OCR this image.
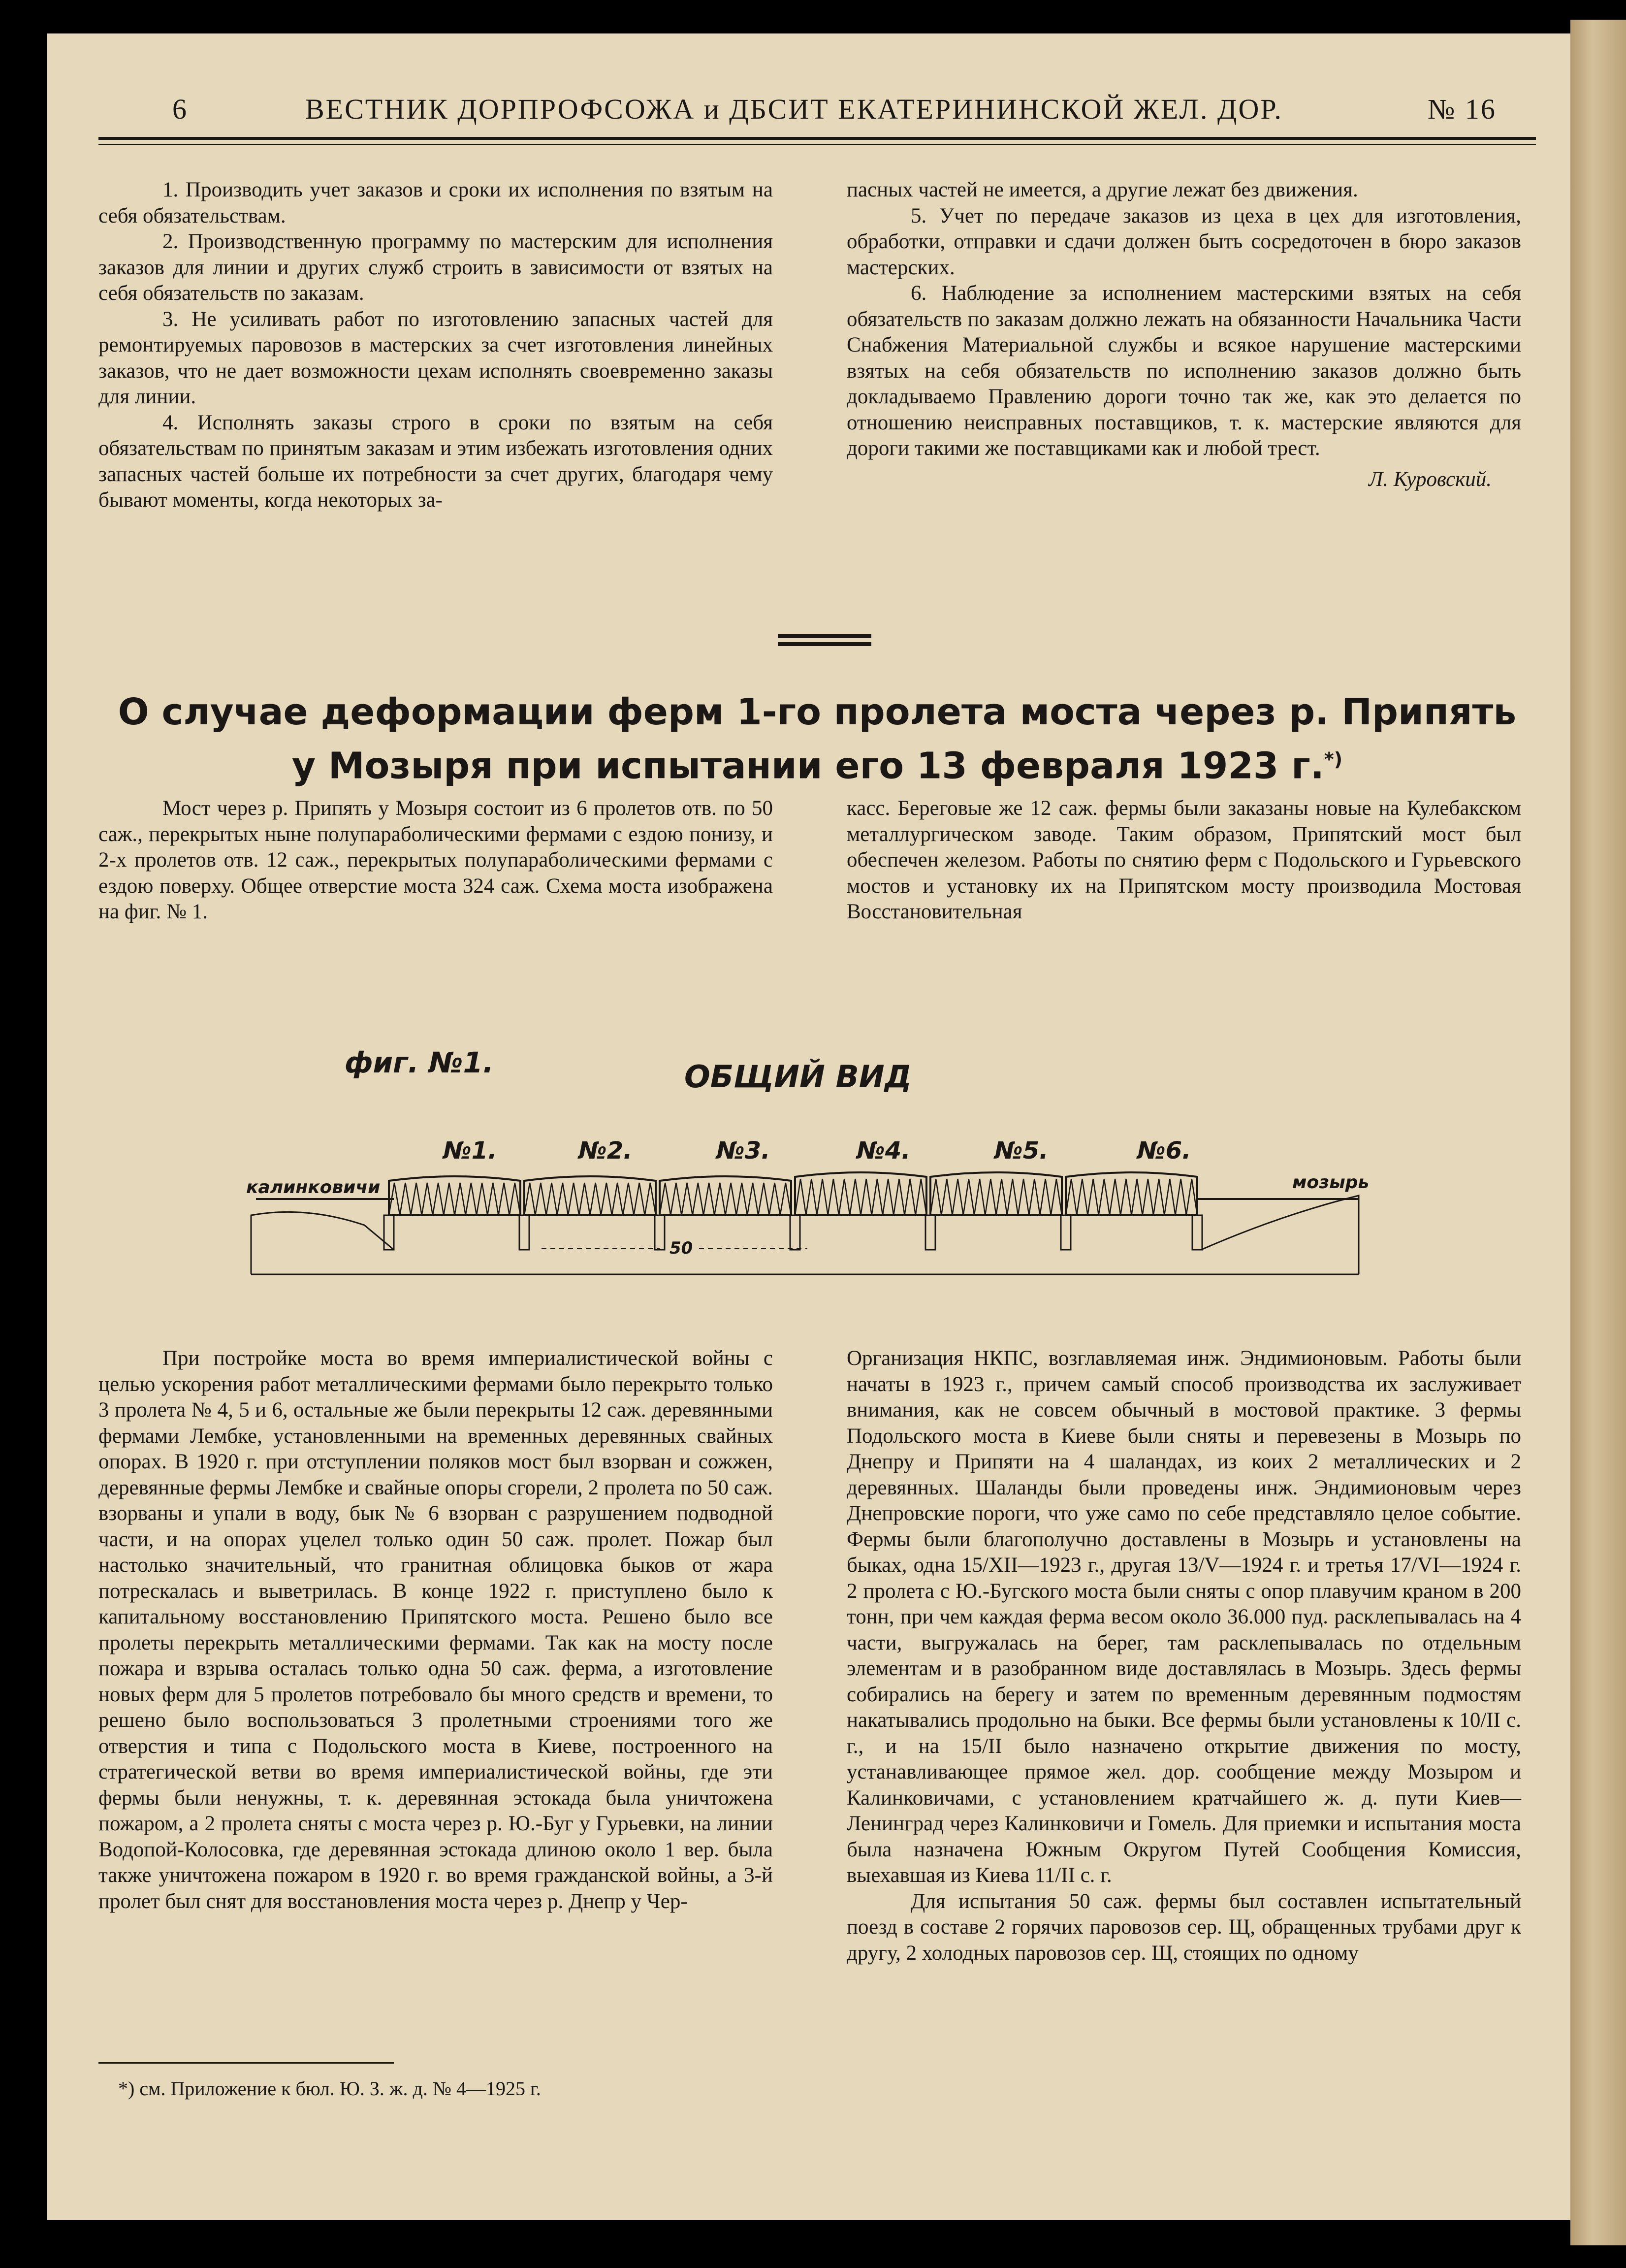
6	ВЕСТНИК ДОРПРОФСОЖА и ДБСИТ ЕКАТЕРИНИНСКОЙ ЖЕЛ. ДОР.	№ 16

1. Производить учет заказов и сроки их исполнения по взятым на себя обязательствам.

2. Производственную программу по мастерским для исполнения заказов для линии и других служб строить в зависимости от взятых на себя обязательств по заказам.

3. Не усиливать работ по изготовлению запасных частей для ремонтируемых паровозов в мастерских за счет изготовления линейных заказов, что не дает возможности цехам исполнять своевременно заказы для линии.

4. Исполнять заказы строго в сроки по взятым на себя обязательствам по принятым заказам и этим избежать изготовления одних запасных частей больше их потребности за счет других, благодаря чему бывают моменты, когда некоторых за-

пасных частей не имеется, а другие лежат без движения.

5. Учет по передаче заказов из цеха в цех для изготовления, обработки, отправки и сдачи должен быть сосредоточен в бюро заказов мастерских.

6. Наблюдение за исполнением мастерскими взятых на себя обязательств по заказам должно лежать на обязанности Начальника Части Снабжения Материальной службы и всякое нарушение мастерскими взятых на себя обязательств по исполнению заказов должно быть докладываемо Правлению дороги точно так же, как это делается по отношению неисправных поставщиков, т. к. мастерские являются для дороги такими же поставщиками как и любой трест.

Л. Куровский.

О случае деформации ферм 1-го пролета моста через р. Припять
у Мозыря при испытании его 13 февраля 1923 г.*)

Мост через р. Припять у Мозыря состоит из 6 пролетов отв. по 50 саж., перекрытых ныне полупараболическими фермами с ездою понизу, и 2-х пролетов отв. 12 саж., перекрытых полупараболическими фермами с ездою поверху. Общее отверстие моста 324 саж. Схема моста изображена на фиг. № 1.

касс. Береговые же 12 саж. фермы были заказаны новые на Кулебакском металлургическом заводе. Таким образом, Припятский мост был обеспечен железом. Работы по снятию ферм с Подольского и Гурьевского мостов и установку их на Припятском мосту производила Мостовая Восстановительная

фиг. №1.	ОБЩИЙ ВИД
№1.	№2.	№3.	№4.	№5.	№6.
калинковичи	мозырь
50

При постройке моста во время империалистической войны с целью ускорения работ металлическими фермами было перекрыто только 3 пролета № 4, 5 и 6, остальные же были перекрыты 12 саж. деревянными фермами Лембке, установленными на временных деревянных свайных опорах. В 1920 г. при отступлении поляков мост был взорван и сожжен, деревянные фермы Лембке и свайные опоры сгорели, 2 пролета по 50 саж. взорваны и упали в воду, бык № 6 взорван с разрушением подводной части, и на опорах уцелел только один 50 саж. пролет. Пожар был настолько значительный, что гранитная облицовка быков от жара потрескалась и выветрилась. В конце 1922 г. приступлено было к капитальному восстановлению Припятского моста. Решено было все пролеты перекрыть металлическими фермами. Так как на мосту после пожара и взрыва осталась только одна 50 саж. ферма, а изготовление новых ферм для 5 пролетов потребовало бы много средств и времени, то решено было воспользоваться 3 пролетными строениями того же отверстия и типа с Подольского моста в Киеве, построенного на стратегической ветви во время империалистической войны, где эти фермы были ненужны, т. к. деревянная эстокада была уничтожена пожаром, а 2 пролета сняты с моста через р. Ю.-Буг у Гурьевки, на линии Водопой-Колосовка, где деревянная эстокада длиною около 1 вер. была также уничтожена пожаром в 1920 г. во время гражданской войны, а 3-й пролет был снят для восстановления моста через р. Днепр у Чер-

Организация НКПС, возглавляемая инж. Эндимионовым. Работы были начаты в 1923 г., причем самый способ производства их заслуживает внимания, как не совсем обычный в мостовой практике. 3 фермы Подольского моста в Киеве были сняты и перевезены в Мозырь по Днепру и Припяти на 4 шаландах, из коих 2 металлических и 2 деревянных. Шаланды были проведены инж. Эндимионовым через Днепровские пороги, что уже само по себе представляло целое событие. Фермы были благополучно доставлены в Мозырь и установлены на быках, одна 15/XII—1923 г., другая 13/V—1924 г. и третья 17/VI—1924 г. 2 пролета с Ю.-Бугского моста были сняты с опор плавучим краном в 200 тонн, при чем каждая ферма весом около 36.000 пуд. расклепывалась на 4 части, выгружалась на берег, там расклепывалась по отдельным элементам и в разобранном виде доставлялась в Мозырь. Здесь фермы собирались на берегу и затем по временным деревянным подмостям накатывались продольно на быки. Все фермы были установлены к 10/II с. г., и на 15/II было назначено открытие движения по мосту, устанавливающее прямое жел. дор. сообщение между Мозыром и Калинковичами, с установлением кратчайшего ж. д. пути Киев—Ленинград через Калинковичи и Гомель. Для приемки и испытания моста была назначена Южным Округом Путей Сообщения Комиссия, выехавшая из Киева 11/II с. г.

Для испытания 50 саж. фермы был составлен испытательный поезд в составе 2 горячих паровозов сер. Щ, обращенных трубами друг к другу, 2 холодных паровозов сер. Щ, стоящих по одному

*) см. Приложение к бюл. Ю. З. ж. д. № 4—1925 г.
